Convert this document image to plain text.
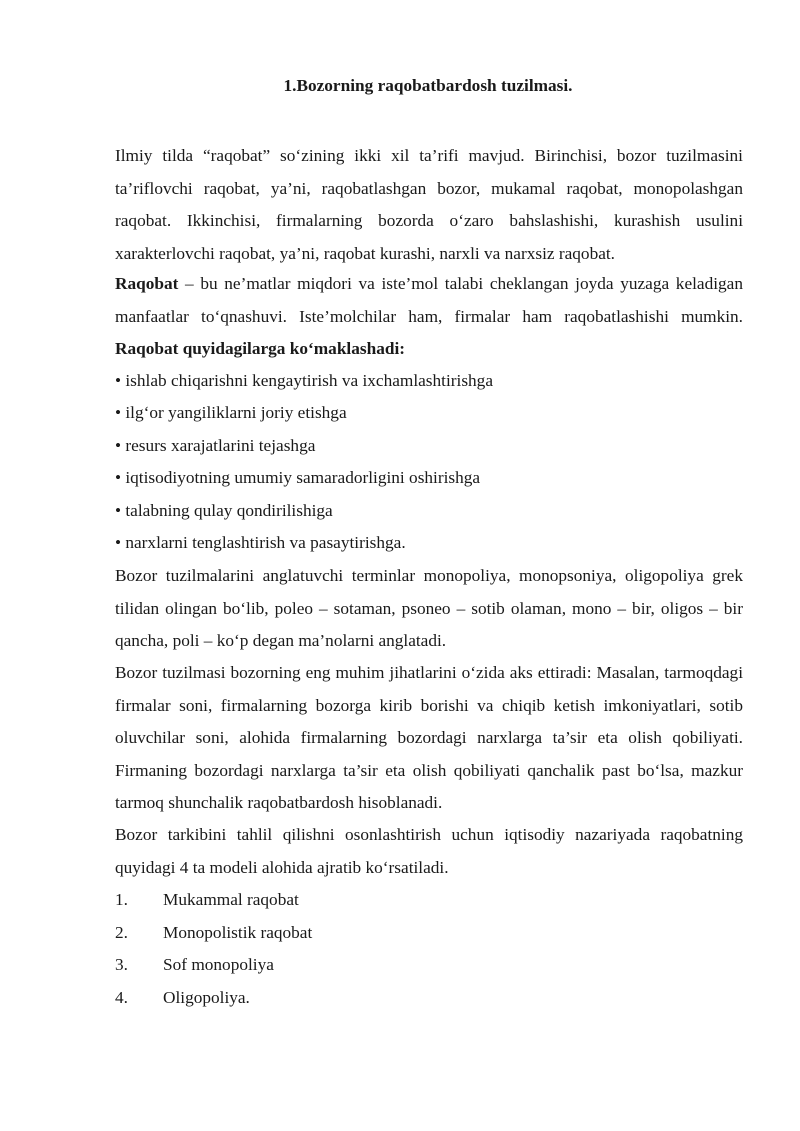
1.Bozorning raqobatbardosh tuzilmasi.

Ilmiy tilda “raqobat” so‘zining ikki xil ta’rifi mavjud. Birinchisi, bozor tuzilmasini ta’riflovchi raqobat, ya’ni, raqobatlashgan bozor, mukamal raqobat, monopolashgan raqobat. Ikkinchisi, firmalarning bozorda o‘zaro bahslashishi, kurashish usulini xarakterlovchi raqobat, ya’ni, raqobat kurashi, narxli va narxsiz raqobat.

Raqobat – bu ne’matlar miqdori va iste’mol talabi cheklangan joyda yuzaga keladigan manfaatlar to‘qnashuvi. Iste’molchilar ham, firmalar ham raqobatlashishi mumkin. Raqobat quyidagilarga ko‘maklashadi:

• ishlab chiqarishni kengaytirish va ixchamlashtirishga
• ilg‘or yangiliklarni joriy etishga
• resurs xarajatlarini tejashga
• iqtisodiyotning umumiy samaradorligini oshirishga
• talabning qulay qondirilishiga
• narxlarni tenglashtirish va pasaytirishga.

Bozor tuzilmalarini anglatuvchi terminlar monopoliya, monopsoniya, oligopoliya grek tilidan olingan bo‘lib, poleo – sotaman, psoneo – sotib olaman, mono – bir, oligos – bir qancha, poli – ko‘p degan ma’nolarni anglatadi.

Bozor tuzilmasi bozorning eng muhim jihatlarini o‘zida aks ettiradi: Masalan, tarmoqdagi firmalar soni, firmalarning bozorga kirib borishi va chiqib ketish imkoniyatlari, sotib oluvchilar soni, alohida firmalarning bozordagi narxlarga ta’sir eta olish qobiliyati. Firmaning bozordagi narxlarga ta’sir eta olish qobiliyati qanchalik past bo‘lsa, mazkur tarmoq shunchalik raqobatbardosh hisoblanadi.

Bozor tarkibini tahlil qilishni osonlashtirish uchun iqtisodiy nazariyada raqobatning quyidagi 4 ta modeli alohida ajratib ko‘rsatiladi.

1. Mukammal raqobat
2. Monopolistik raqobat
3. Sof monopoliya
4. Oligopoliya.
